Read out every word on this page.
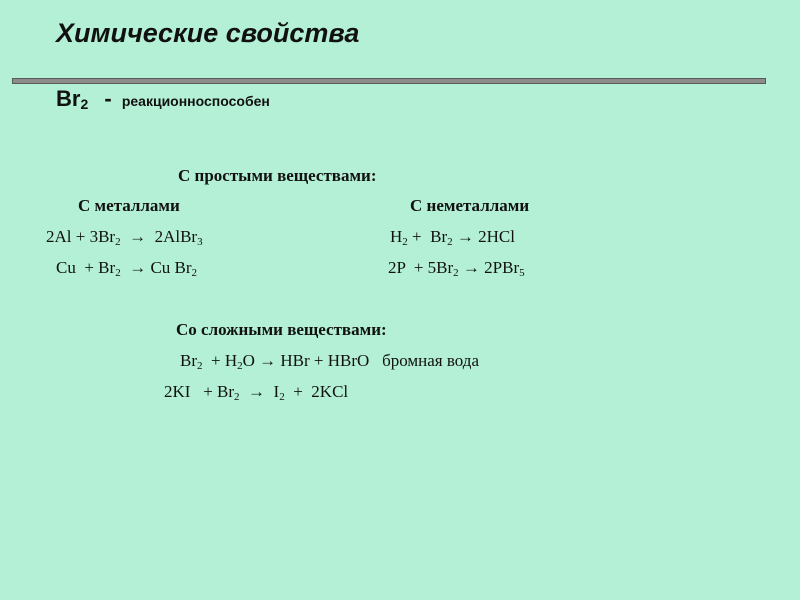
Химические свойства
$Br_2$ - реакционноспособен
С простыми веществами:
С металлами	С неметаллами
$2Al + 3Br_2$  →  2AlBr$_3$
$Cu + Br_2 \to Cu$ $Br_2$
$H_2 + Br_2 \to 2HCl$
$2P + 5Br_2 \to 2PBr_5$
Со сложными веществами:
$Br_2 + H_2O$ → HBr + HBrO   бромная вода
$2KI + Br_2 \to I_2 + 2KCl$
